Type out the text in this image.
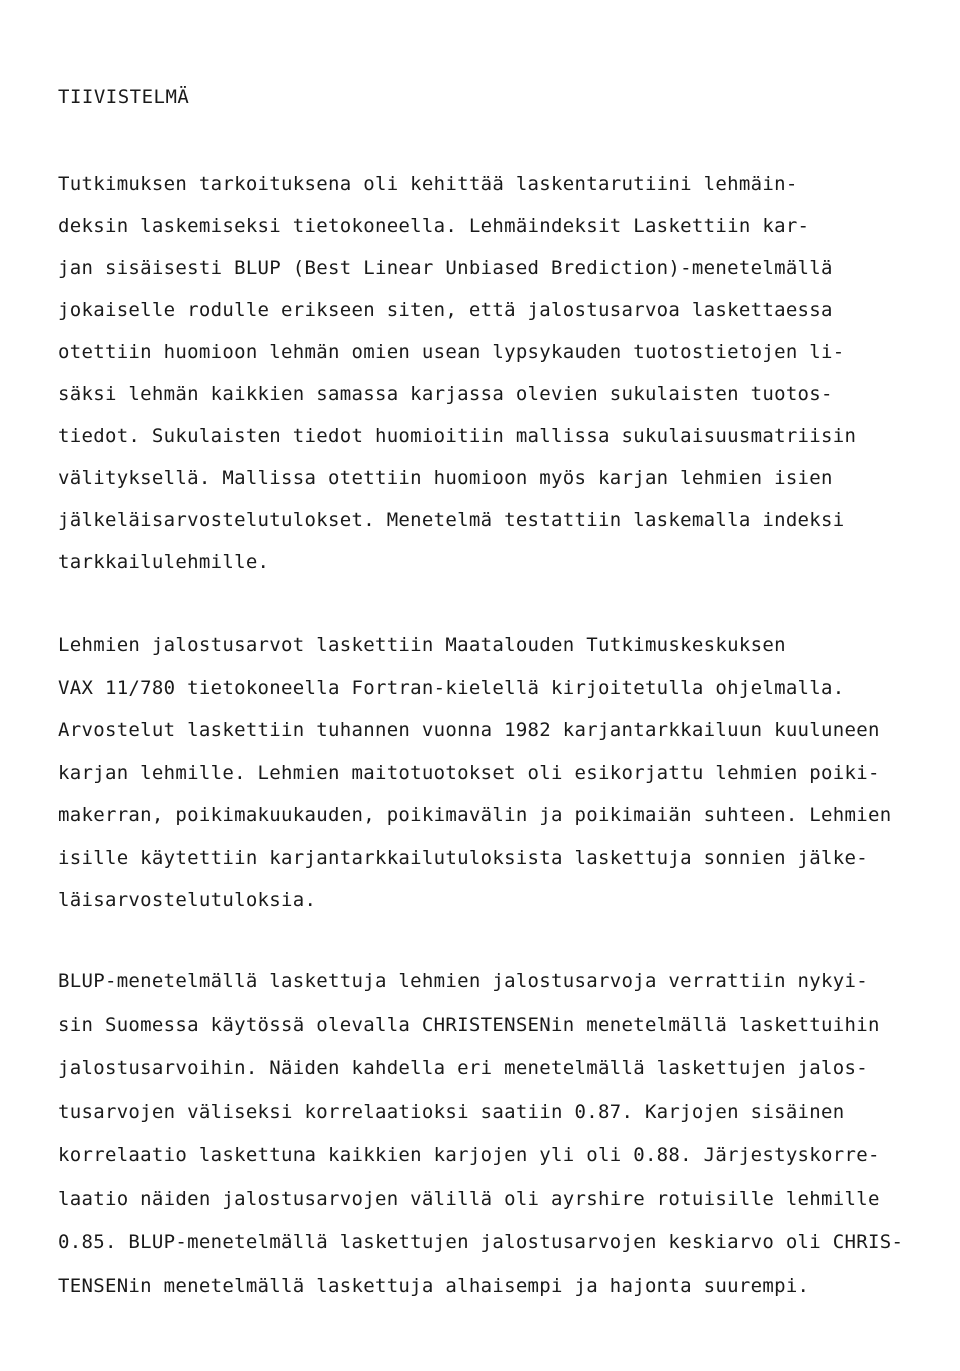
TIIVISTELMÄ
Tutkimuksen tarkoituksena oli kehittää laskentarutiini lehmäin-
deksin laskemiseksi tietokoneella. Lehmäindeksit Laskettiin kar-
jan sisäisesti BLUP (Best Linear Unbiased Brediction)-menetelmällä
jokaiselle rodulle erikseen siten, että jalostusarvoa laskettaessa
otettiin huomioon lehmän omien usean lypsykauden tuotostietojen li-
säksi lehmän kaikkien samassa karjassa olevien sukulaisten tuotos-
tiedot. Sukulaisten tiedot huomioitiin mallissa sukulaisuusmatriisin
välityksellä. Mallissa otettiin huomioon myös karjan lehmien isien
jälkeläisarvostelutulokset. Menetelmä testattiin laskemalla indeksi
tarkkailulehmille.
Lehmien jalostusarvot laskettiin Maatalouden Tutkimuskeskuksen
VAX 11/780 tietokoneella Fortran-kielellä kirjoitetulla ohjelmalla.
Arvostelut laskettiin tuhannen vuonna 1982 karjantarkkailuun kuuluneen
karjan lehmille. Lehmien maitotuotokset oli esikorjattu lehmien poiki-
makerran, poikimakuukauden, poikimavälin ja poikimaiän suhteen. Lehmien
isille käytettiin karjantarkkailutuloksista laskettuja sonnien jälke-
läisarvostelutuloksia.
BLUP-menetelmällä laskettuja lehmien jalostusarvoja verrattiin nykyi-
sin Suomessa käytössä olevalla CHRISTENSENin menetelmällä laskettuihin
jalostusarvoihin. Näiden kahdella eri menetelmällä laskettujen jalos-
tusarvojen väliseksi korrelaatioksi saatiin 0.87. Karjojen sisäinen
korrelaatio laskettuna kaikkien karjojen yli oli 0.88. Järjestyskorre-
laatio näiden jalostusarvojen välillä oli ayrshire rotuisille lehmille
0.85. BLUP-menetelmällä laskettujen jalostusarvojen keskiarvo oli CHRIS-
TENSENin menetelmällä laskettuja alhaisempi ja hajonta suurempi.
